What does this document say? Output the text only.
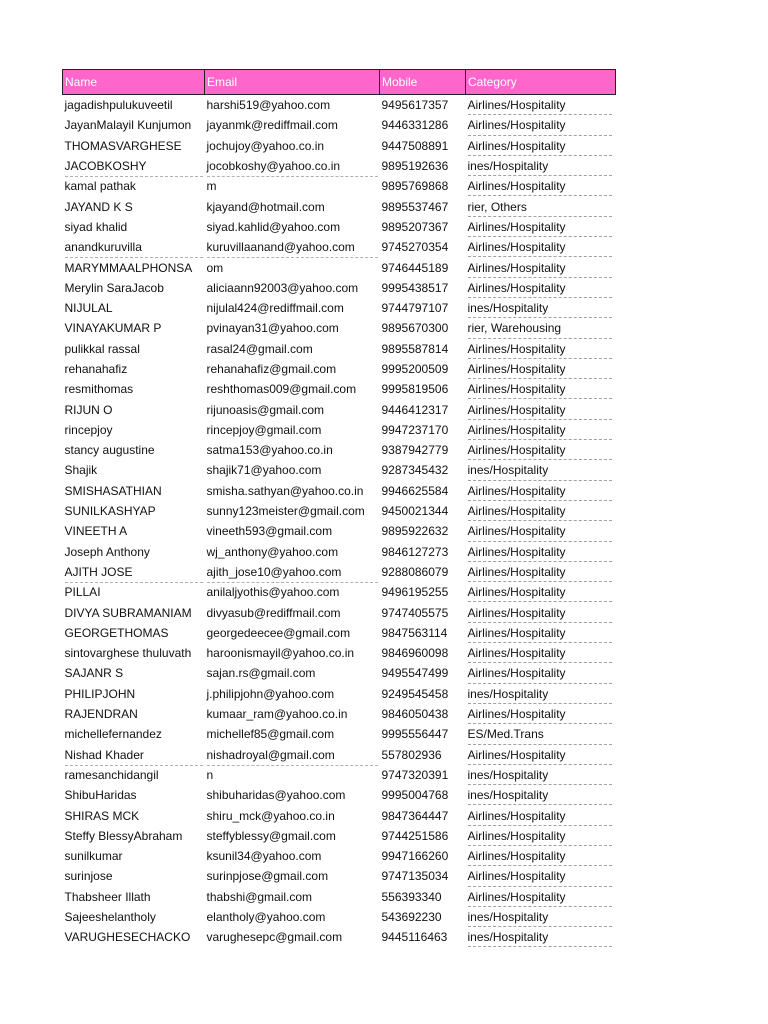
Name	Email	Mobile	Category
jagadishpulukuveetil	harshi519@yahoo.com	9495617357	Airlines/Hospitality
JayanMalayil Kunjumon	jayanmk@rediffmail.com	9446331286	Airlines/Hospitality
THOMASVARGHESE	jochujoy@yahoo.co.in	9447508891	Airlines/Hospitality
JACOBKOSHY	jocobkoshy@yahoo.co.in	9895192636	ines/Hospitality
kamal pathak	m	9895769868	Airlines/Hospitality
JAYAND K S	kjayand@hotmail.com	9895537467	rier, Others
siyad khalid	siyad.kahlid@yahoo.com	9895207367	Airlines/Hospitality
anandkuruvilla	kuruvillaanand@yahoo.com	9745270354	Airlines/Hospitality
MARYMMAALPHONSA	om	9746445189	Airlines/Hospitality
Merylin SaraJacob	aliciaann92003@yahoo.com	9995438517	Airlines/Hospitality
NIJULAL	nijulal424@rediffmail.com	9744797107	ines/Hospitality
VINAYAKUMAR P	pvinayan31@yahoo.com	9895670300	rier, Warehousing
pulikkal rassal	rasal24@gmail.com	9895587814	Airlines/Hospitality
rehanahafiz	rehanahafiz@gmail.com	9995200509	Airlines/Hospitality
resmithomas	reshthomas009@gmail.com	9995819506	Airlines/Hospitality
RIJUN O	rijunoasis@gmail.com	9446412317	Airlines/Hospitality
rincepjoy	rincepjoy@gmail.com	9947237170	Airlines/Hospitality
stancy augustine	satma153@yahoo.co.in	9387942779	Airlines/Hospitality
Shajik	shajik71@yahoo.com	9287345432	ines/Hospitality
SMISHASATHIAN	smisha.sathyan@yahoo.co.in	9946625584	Airlines/Hospitality
SUNILKASHYAP	sunny123meister@gmail.com	9450021344	Airlines/Hospitality
VINEETH A	vineeth593@gmail.com	9895922632	Airlines/Hospitality
Joseph Anthony	wj_anthony@yahoo.com	9846127273	Airlines/Hospitality
AJITH JOSE	ajith_jose10@yahoo.com	9288086079	Airlines/Hospitality
PILLAI	anilaljyothis@yahoo.com	9496195255	Airlines/Hospitality
DIVYA SUBRAMANIAM	divyasub@rediffmail.com	9747405575	Airlines/Hospitality
GEORGETHOMAS	georgedeecee@gmail.com	9847563114	Airlines/Hospitality
sintovarghese thuluvath	haroonismayil@yahoo.co.in	9846960098	Airlines/Hospitality
SAJANR S	sajan.rs@gmail.com	9495547499	Airlines/Hospitality
PHILIPJOHN	j.philipjohn@yahoo.com	9249545458	ines/Hospitality
RAJENDRAN	kumaar_ram@yahoo.co.in	9846050438	Airlines/Hospitality
michellefernandez	michellef85@gmail.com	9995556447	ES/Med.Trans
Nishad Khader	nishadroyal@gmail.com	557802936	Airlines/Hospitality
ramesanchidangil	n	9747320391	ines/Hospitality
ShibuHaridas	shibuharidas@yahoo.com	9995004768	ines/Hospitality
SHIRAS MCK	shiru_mck@yahoo.co.in	9847364447	Airlines/Hospitality
Steffy BlessyAbraham	steffyblessy@gmail.com	9744251586	Airlines/Hospitality
sunilkumar	ksunil34@yahoo.com	9947166260	Airlines/Hospitality
surinjose	surinpjose@gmail.com	9747135034	Airlines/Hospitality
Thabsheer Illath	thabshi@gmail.com	556393340	Airlines/Hospitality
Sajeeshelantholy	elantholy@yahoo.com	543692230	ines/Hospitality
VARUGHESECHACKO	varughesepc@gmail.com	9445116463	ines/Hospitality
